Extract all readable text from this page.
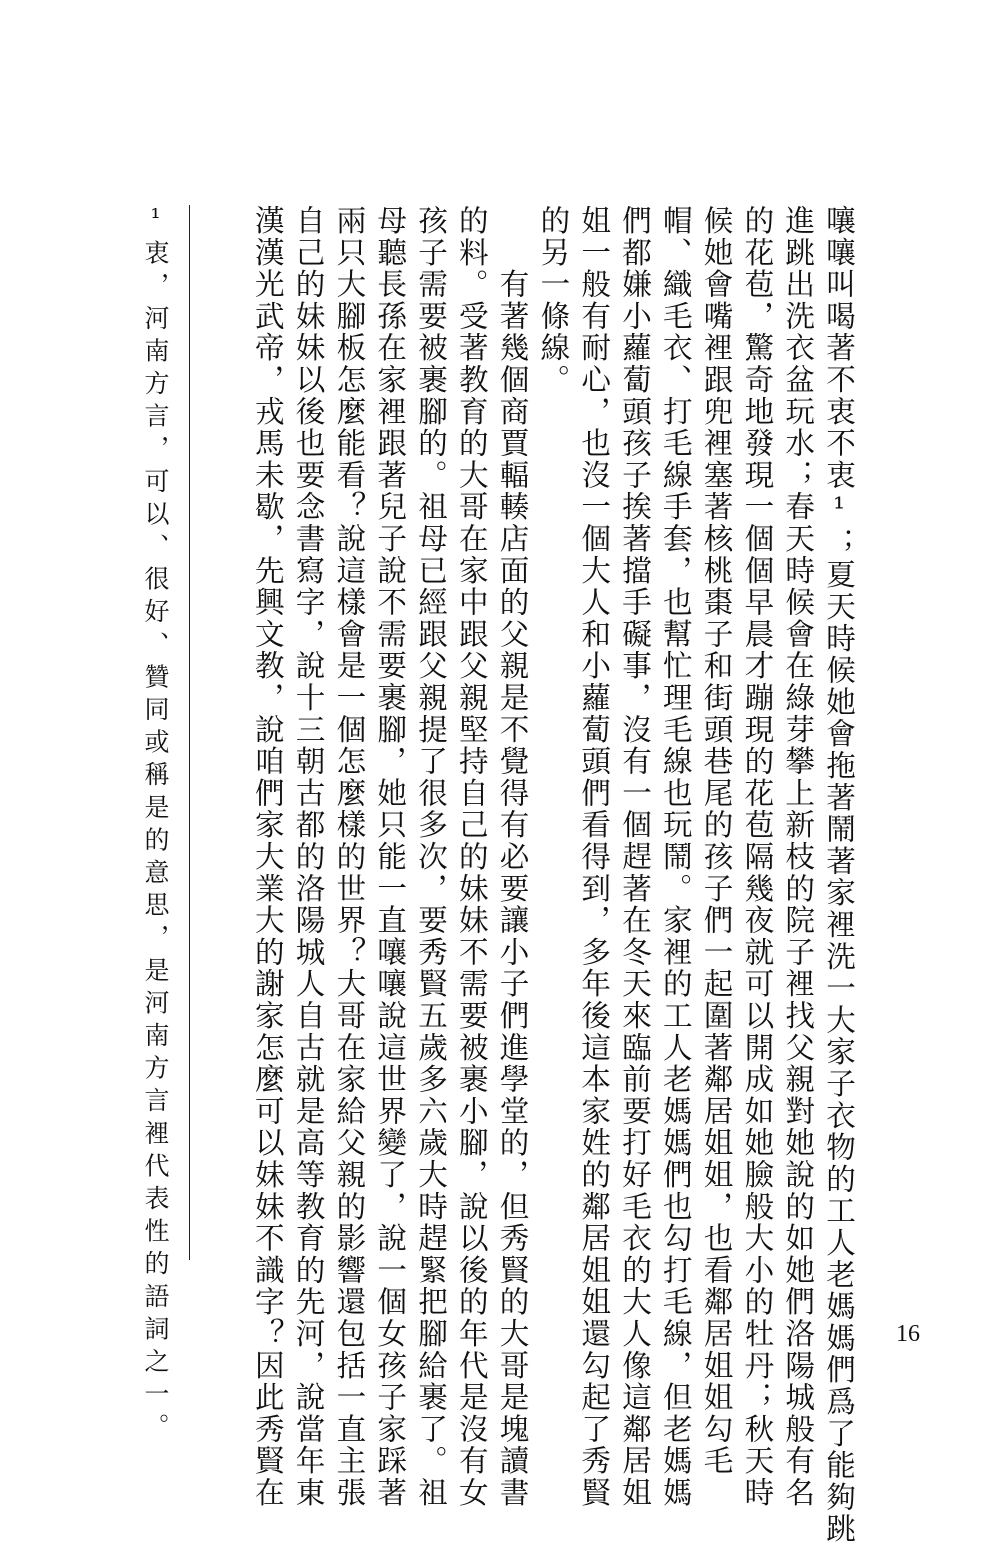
嚷嚷叫喝著不衷不衷¹；夏天時候她會拖著鬧著家裡洗一大家子衣物的工人老媽媽們爲了能夠跳
進跳出洗衣盆玩水；春天時候會在綠芽攀上新枝的院子裡找父親對她說的如她們洛陽城般有名
的花苞，驚奇地發現一個個早晨才蹦現的花苞隔幾夜就可以開成如她臉般大小的牡丹；秋天時
候她會嘴裡跟兜裡塞著核桃棗子和街頭巷尾的孩子們一起圍著鄰居姐姐，也看鄰居姐姐勾毛
帽、織毛衣、打毛線手套，也幫忙理毛線也玩鬧。家裡的工人老媽媽們也勾打毛線，但老媽媽
們都嫌小蘿蔔頭孩子挨著擋手礙事，沒有一個趕著在冬天來臨前要打好毛衣的大人像這鄰居姐
姐一般有耐心，也沒一個大人和小蘿蔔頭們看得到，多年後這本家姓的鄰居姐姐還勾起了秀賢
的另一條線。
　　有著幾個商賈輻輳店面的父親是不覺得有必要讓小子們進學堂的，但秀賢的大哥是塊讀書
的料。受著教育的大哥在家中跟父親堅持自己的妹妹不需要被裹小腳，說以後的年代是沒有女
孩子需要被裹腳的。祖母已經跟父親提了很多次，要秀賢五歲多六歲大時趕緊把腳給裹了。祖
母聽長孫在家裡跟著兒子說不需要裹腳，她只能一直嚷嚷說這世界變了，說一個女孩子家踩著
兩只大腳板怎麼能看？說這樣會是一個怎麼樣的世界？大哥在家給父親的影響還包括一直主張
自己的妹妹以後也要念書寫字，說十三朝古都的洛陽城人自古就是高等教育的先河，說當年東
漢漢光武帝，戎馬未歇，先興文教，說咱們家大業大的謝家怎麼可以妹妹不識字？因此秀賢在
¹衷，河南方言，可以、很好、贊同或稱是的意思，是河南方言裡代表性的語詞之一。	16
